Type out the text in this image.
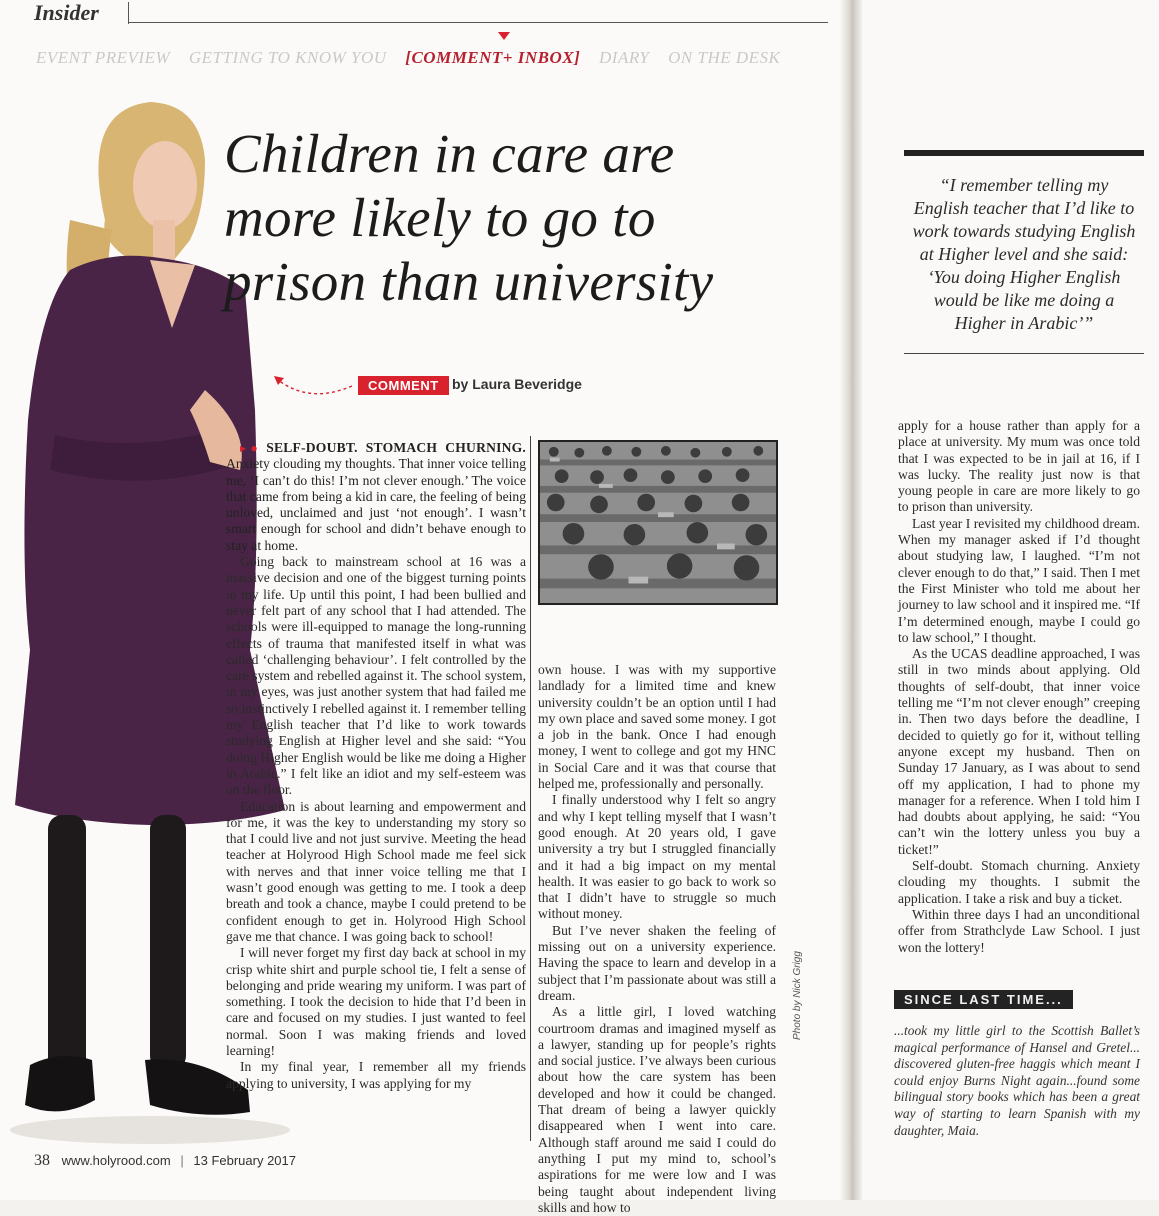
Insider
EVENT PREVIEW GETTING TO KNOW YOU [COMMENT+ INBOX] DIARY ON THE DESK
Children in care are
more likely to go to
prison than university
COMMENT by Laura Beveridge

▸● SELF-DOUBT. STOMACH CHURNING. Anxiety clouding my thoughts. That inner voice telling me, ‘I can’t do this! I’m not clever enough.’ The voice that came from being a kid in care, the feeling of being unloved, unclaimed and just ‘not enough’. I wasn’t smart enough for school and didn’t behave enough to stay at home.

Going back to mainstream school at 16 was a massive decision and one of the biggest turning points in my life. Up until this point, I had been bullied and never felt part of any school that I had attended. The schools were ill-equipped to manage the long-running effects of trauma that manifested itself in what was called ‘challenging behaviour’. I felt controlled by the care system and rebelled against it. The school system, in my eyes, was just another system that had failed me so instinctively I rebelled against it. I remember telling my English teacher that I’d like to work towards studying English at Higher level and she said: “You doing Higher English would be like me doing a Higher in Arabic.” I felt like an idiot and my self-esteem was on the floor.

Education is about learning and empowerment and for me, it was the key to understanding my story so that I could live and not just survive. Meeting the head teacher at Holyrood High School made me feel sick with nerves and that inner voice telling me that I wasn’t good enough was getting to me. I took a deep breath and took a chance, maybe I could pretend to be confident enough to get in. Holyrood High School gave me that chance. I was going back to school!

I will never forget my first day back at school in my crisp white shirt and purple school tie, I felt a sense of belonging and pride wearing my uniform. I was part of something. I took the decision to hide that I’d been in care and focused on my studies. I just wanted to feel normal. Soon I was making friends and loved learning!

In my final year, I remember all my friends applying to university, I was applying for my

own house. I was with my supportive landlady for a limited time and knew university couldn’t be an option until I had my own place and saved some money. I got a job in the bank. Once I had enough money, I went to college and got my HNC in Social Care and it was that course that helped me, professionally and personally.

I finally understood why I felt so angry and why I kept telling myself that I wasn’t good enough. At 20 years old, I gave university a try but I struggled financially and it had a big impact on my mental health. It was easier to go back to work so that I didn’t have to struggle so much without money.

But I’ve never shaken the feeling of missing out on a university experience. Having the space to learn and develop in a subject that I’m passionate about was still a dream.

As a little girl, I loved watching courtroom dramas and imagined myself as a lawyer, standing up for people’s rights and social justice. I’ve always been curious about how the care system has been developed and how it could be changed. That dream of being a lawyer quickly disappeared when I went into care. Although staff around me said I could do anything I put my mind to, school’s aspirations for me were low and I was being taught about independent living skills and how to

Photo by Nick Grigg
38 www.holyrood.com | 13 February 2017
“I remember telling my English teacher that I’d like to work towards studying English at Higher level and she said: ‘You doing Higher English would be like me doing a Higher in Arabic’”

apply for a house rather than apply for a place at university. My mum was once told that I was expected to be in jail at 16, if I was lucky. The reality just now is that young people in care are more likely to go to prison than university.

Last year I revisited my childhood dream. When my manager asked if I’d thought about studying law, I laughed. “I’m not clever enough to do that,” I said. Then I met the First Minister who told me about her journey to law school and it inspired me. “If I’m determined enough, maybe I could go to law school,” I thought.

As the UCAS deadline approached, I was still in two minds about applying. Old thoughts of self-doubt, that inner voice telling me “I’m not clever enough” creeping in. Then two days before the deadline, I decided to quietly go for it, without telling anyone except my husband. Then on Sunday 17 January, as I was about to send off my application, I had to phone my manager for a reference. When I told him I had doubts about applying, he said: “You can’t win the lottery unless you buy a ticket!”

Self-doubt. Stomach churning. Anxiety clouding my thoughts. I submit the application. I take a risk and buy a ticket.

Within three days I had an unconditional offer from Strathclyde Law School. I just won the lottery!

SINCE LAST TIME...
...took my little girl to the Scottish Ballet’s magical performance of Hansel and Gretel... discovered gluten-free haggis which meant I could enjoy Burns Night again...found some bilingual story books which has been a great way of starting to learn Spanish with my daughter, Maia.
